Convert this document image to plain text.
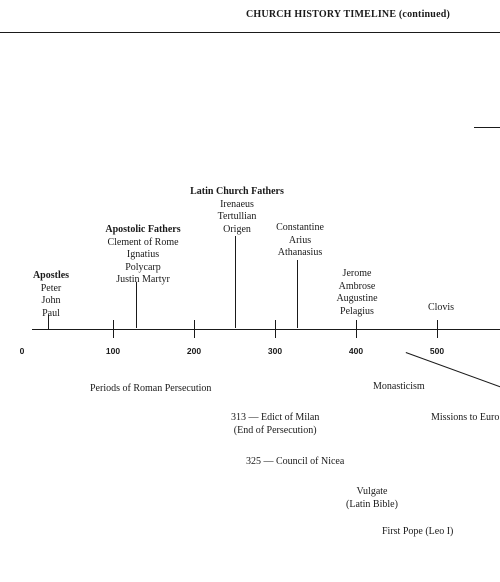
CHURCH HISTORY TIMELINE (continued)
0	100	200	300	400	500
Apostles
Peter
John
Paul
Apostolic Fathers
Clement of Rome
Ignatius
Polycarp
Justin Martyr
Latin Church Fathers
Irenaeus
Tertullian
Origen	Constantine
Arius
Athanasius
Jerome
Ambrose
Augustine
Pelagius	Clovis
Periods of Roman Persecution	Monasticism
Missions to Euro
313 — Edict of Milan
(End of Persecution)
325 — Council of Nicea
Vulgate
(Latin Bible)
First Pope (Leo I)
